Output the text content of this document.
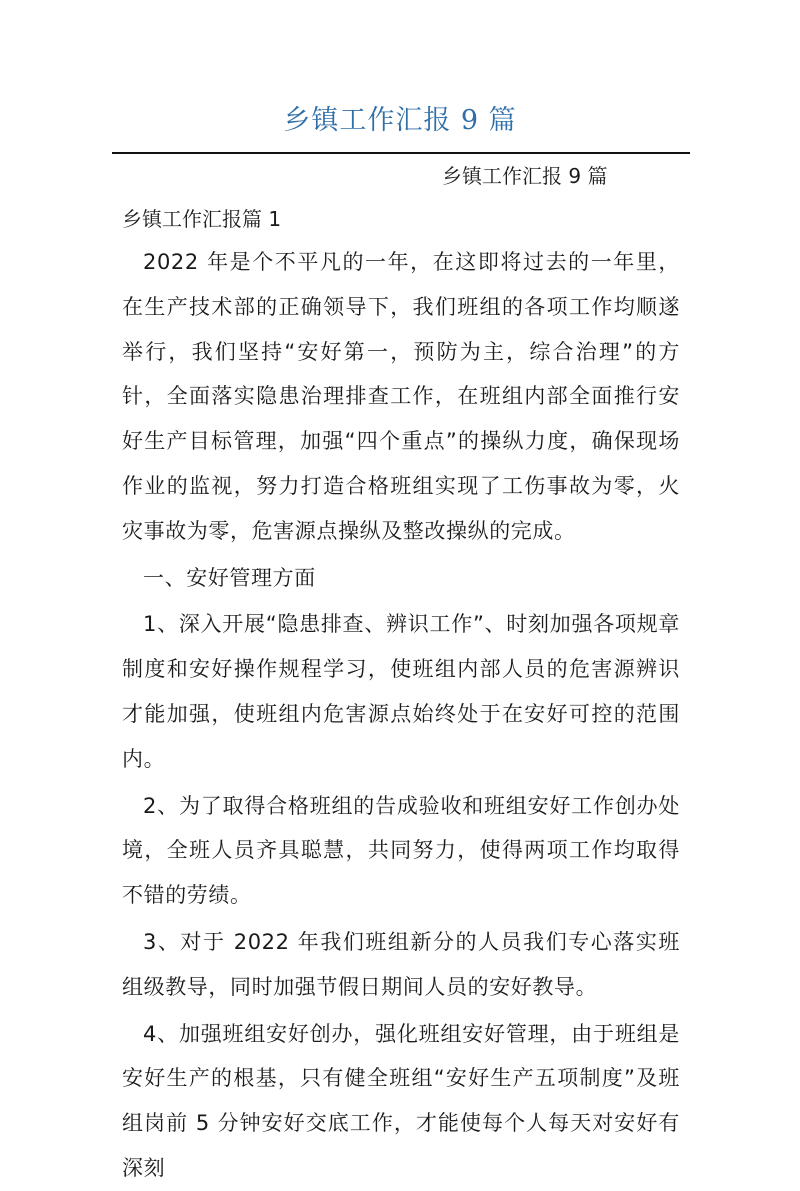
乡镇工作汇报 9 篇
乡镇工作汇报 9 篇
乡镇工作汇报篇 1

2022 年是个不平凡的一年，在这即将过去的一年里，在生产技术部的正确领导下，我们班组的各项工作均顺遂举行，我们坚持“安好第一，预防为主，综合治理”的方针，全面落实隐患治理排查工作，在班组内部全面推行安好生产目标管理，加强“四个重点”的操纵力度，确保现场作业的监视，努力打造合格班组实现了工伤事故为零，火灾事故为零，危害源点操纵及整改操纵的完成。

一、安好管理方面

1、深入开展“隐患排查、辨识工作”、时刻加强各项规章制度和安好操作规程学习，使班组内部人员的危害源辨识才能加强，使班组内危害源点始终处于在安好可控的范围内。

2、为了取得合格班组的告成验收和班组安好工作创办处境，全班人员齐具聪慧，共同努力，使得两项工作均取得不错的劳绩。

3、对于 2022 年我们班组新分的人员我们专心落实班组级教导，同时加强节假日期间人员的安好教导。

4、加强班组安好创办，强化班组安好管理，由于班组是安好生产的根基，只有健全班组“安好生产五项制度”及班组岗前 5 分钟安好交底工作，才能使每个人每天对安好有深刻
